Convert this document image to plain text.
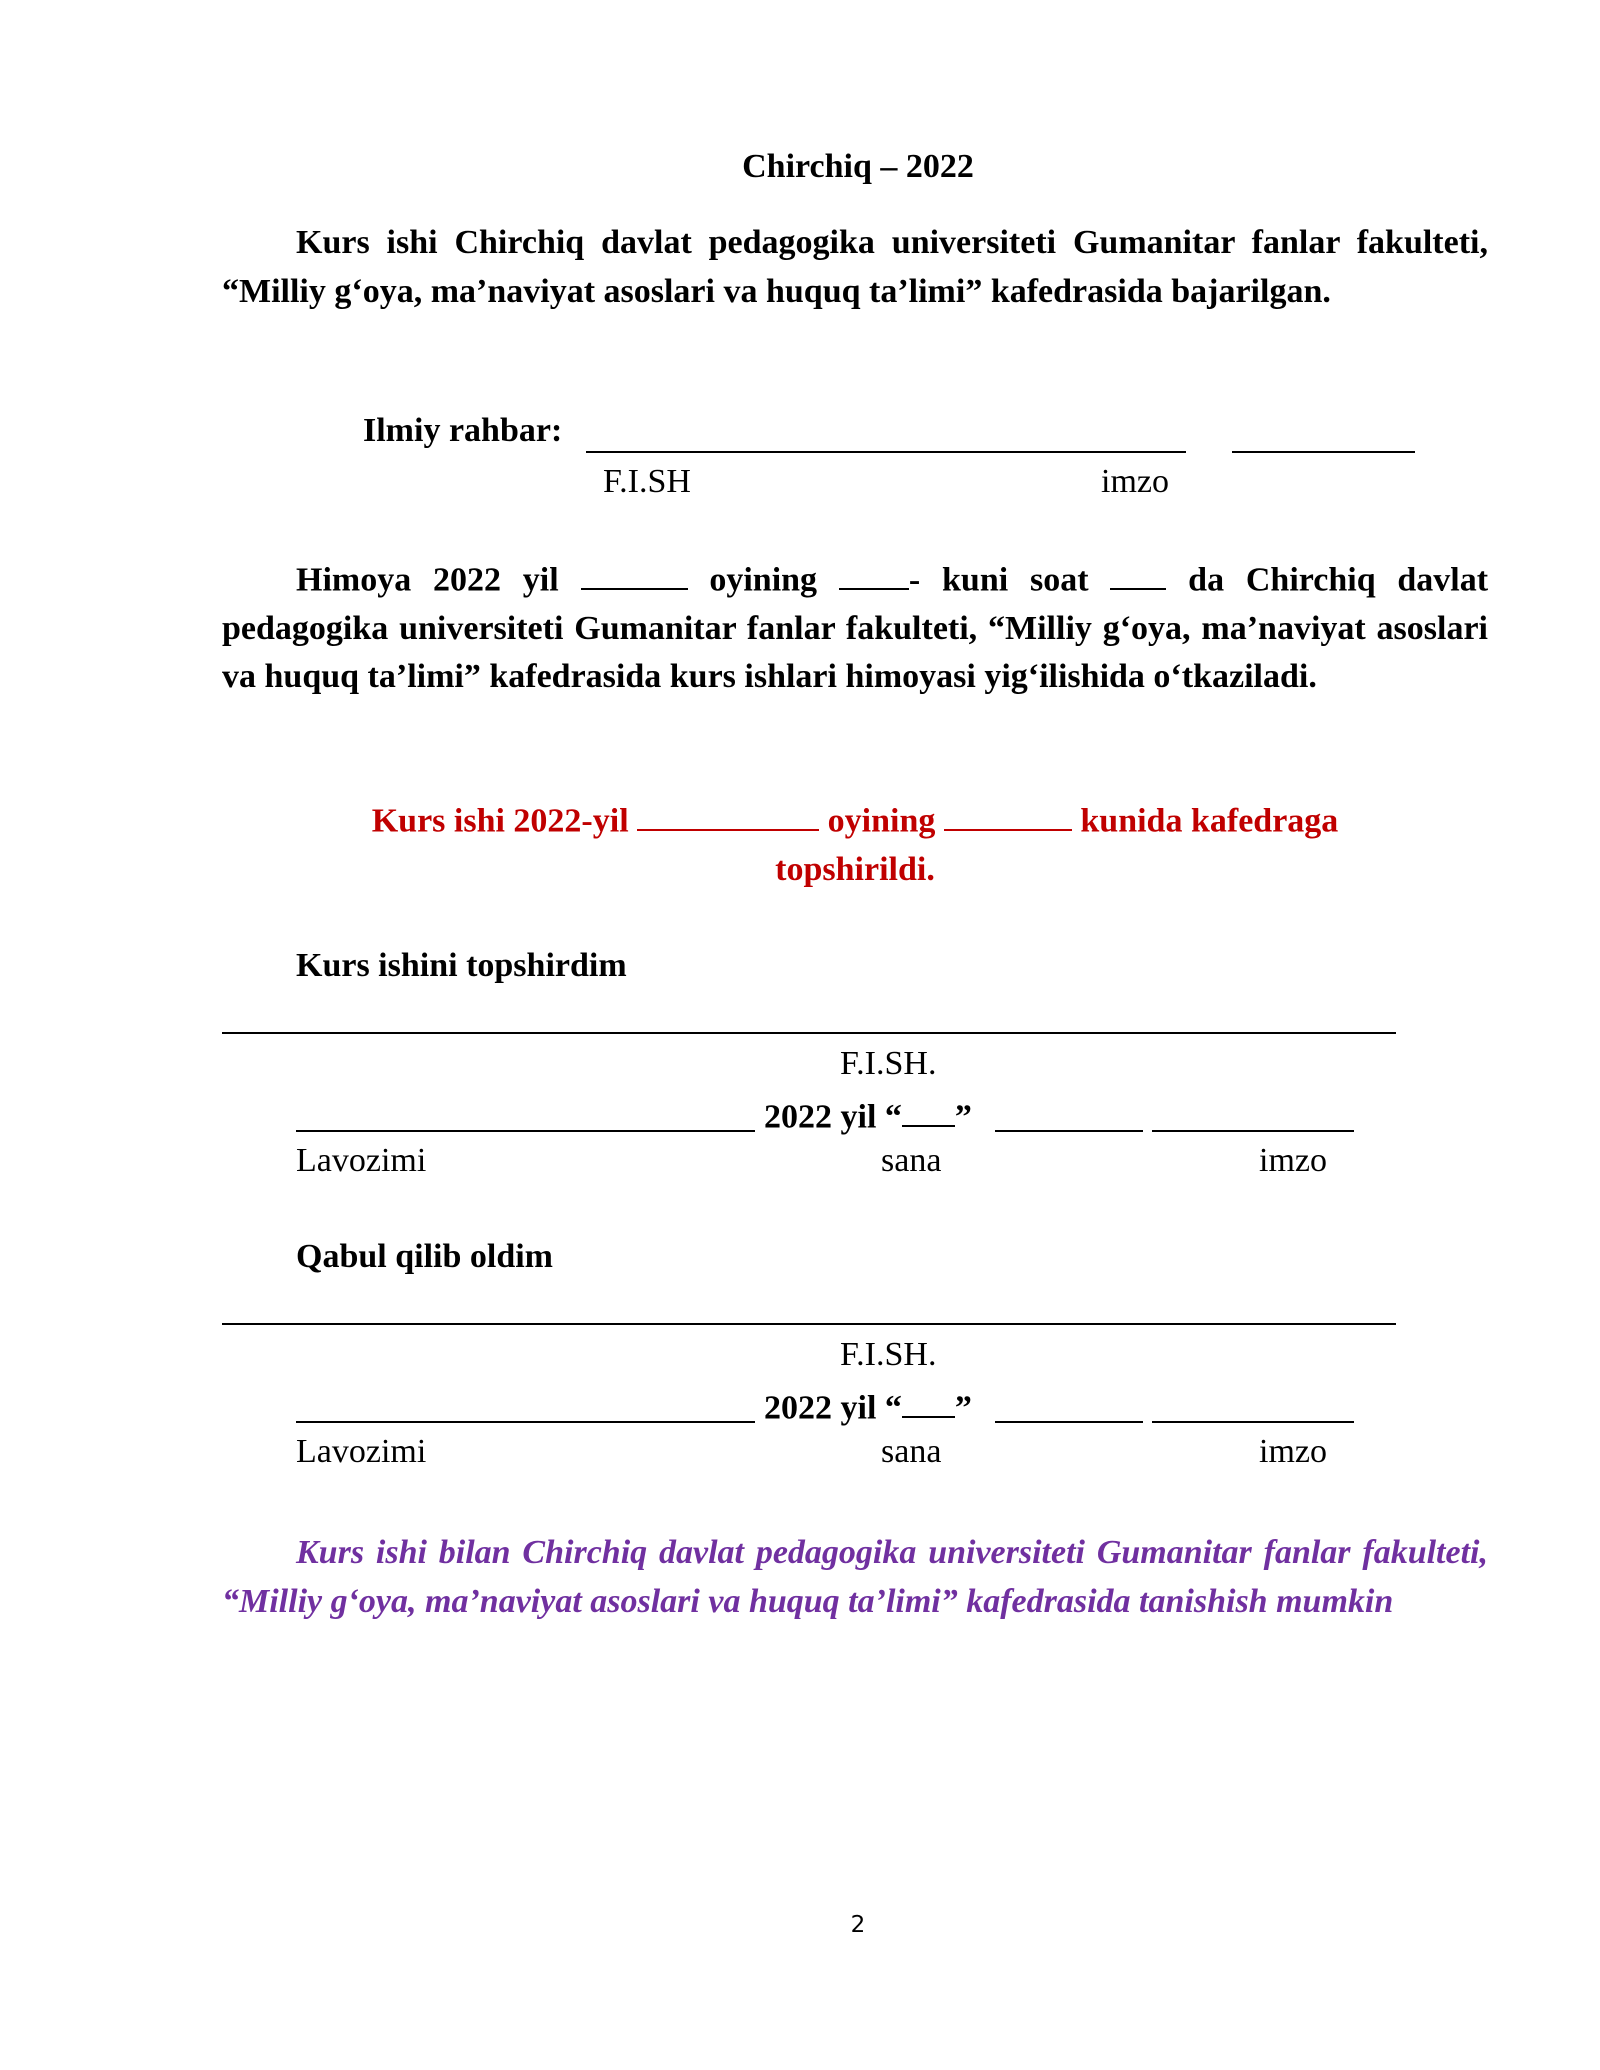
Chirchiq – 2022

Kurs ishi Chirchiq davlat pedagogika universiteti Gumanitar fanlar fakulteti, “Milliy g‘oya, ma’naviyat asoslari va huquq ta’limi” kafedrasida bajarilgan.

Ilmiy rahbar:
F.I.SH	imzo

Himoya 2022 yil	oyining	- kuni soat	da Chirchiq davlat pedagogika universiteti Gumanitar fanlar fakulteti, “Milliy g‘oya, ma’naviyat asoslari va huquq ta’limi” kafedrasida kurs ishlari himoyasi yig‘ilishida o‘tkaziladi.

Kurs ishi 2022-yil	oyining	kunida kafedraga
topshirildi.

Kurs ishini topshirdim
F.I.SH.
2022 yil “ ”
Lavozimi	sana	imzo
Qabul qilib oldim
F.I.SH.
2022 yil “ ”
Lavozimi	sana	imzo

Kurs ishi bilan Chirchiq davlat pedagogika universiteti Gumanitar fanlar fakulteti, “Milliy g‘oya, ma’naviyat asoslari va huquq ta’limi” kafedrasida tanishish mumkin

2
